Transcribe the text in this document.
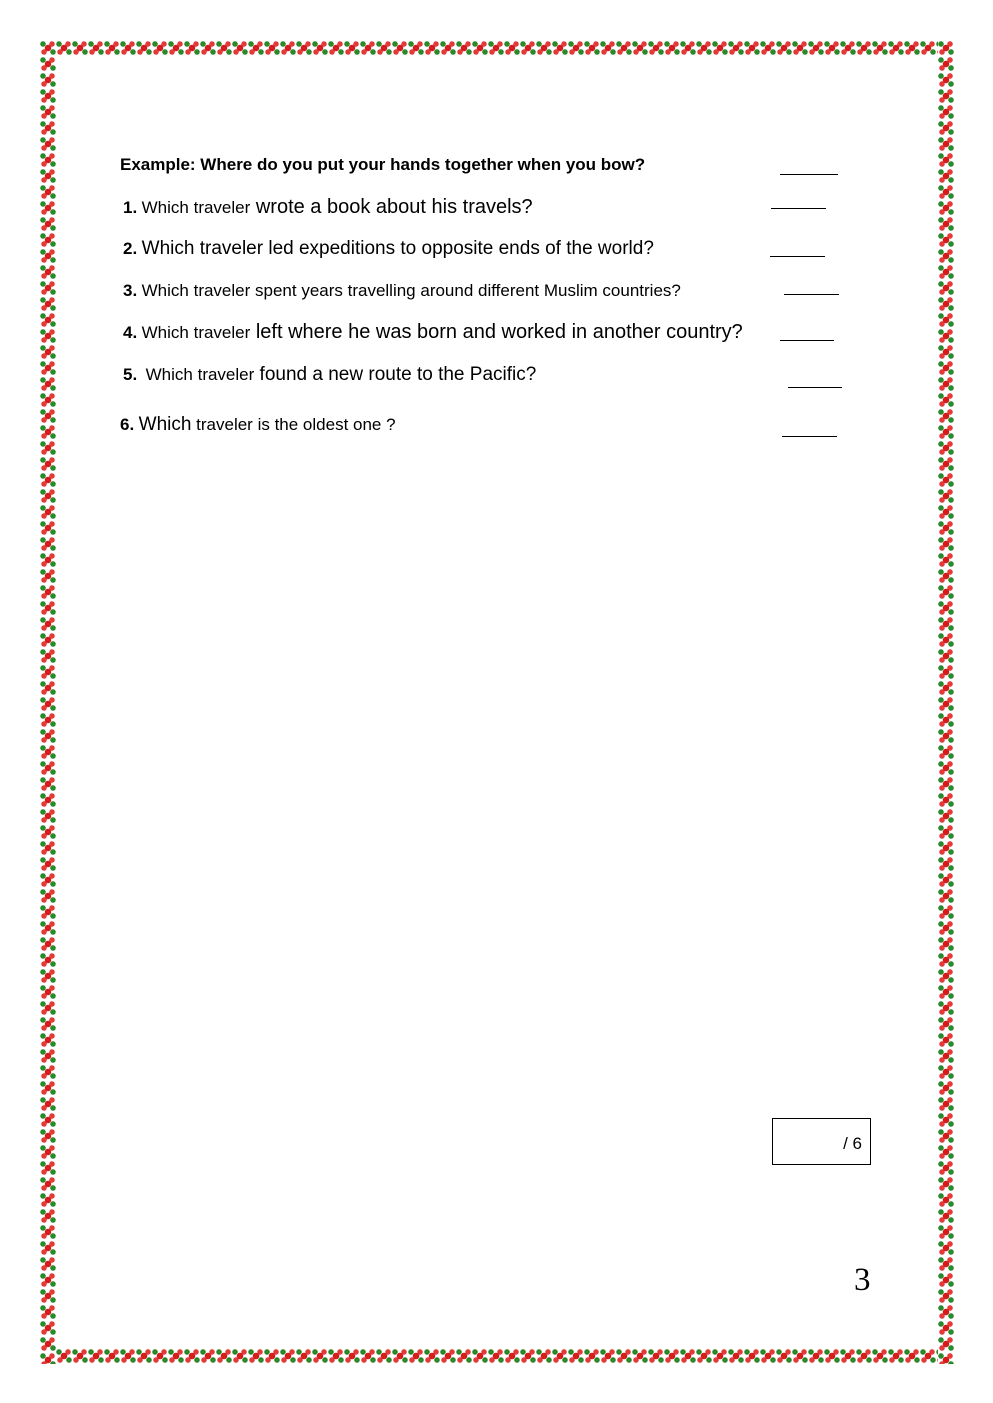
Example: Where do you put your hands together when you bow?
1. Which traveler wrote a book about his travels?
2. Which traveler led expeditions to opposite ends of the world?
3. Which traveler spent years travelling around different Muslim countries?
4. Which traveler left where he was born and worked in another country?
5. Which traveler found a new route to the Pacific?
6. Which traveler is the oldest one ?
/ 6
3
